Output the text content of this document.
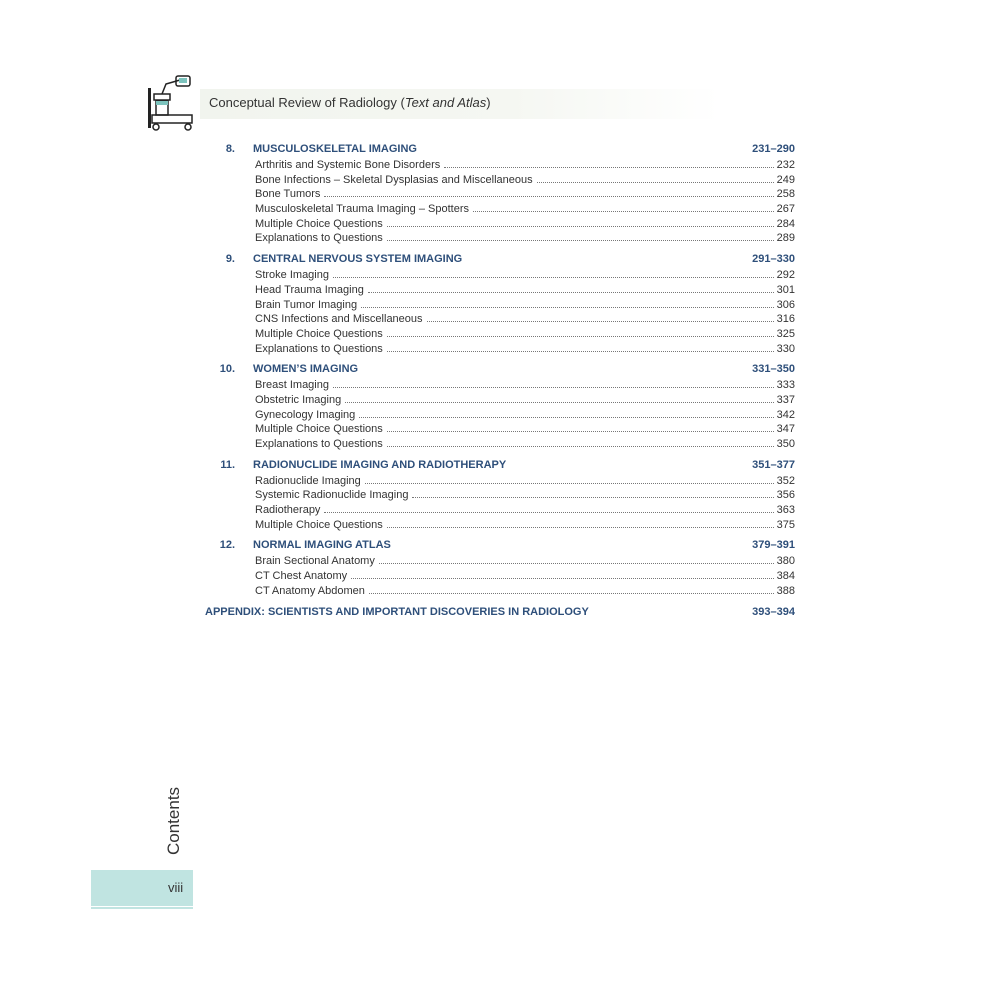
Conceptual Review of Radiology (Text and Atlas)
8. MUSCULOSKELETAL IMAGING	231–290
Arthritis and Systemic Bone Disorders	232
Bone Infections – Skeletal Dysplasias and Miscellaneous	249
Bone Tumors	258
Musculoskeletal Trauma Imaging – Spotters	267
Multiple Choice Questions	284
Explanations to Questions	289
9. CENTRAL NERVOUS SYSTEM IMAGING	291–330
Stroke Imaging	292
Head Trauma Imaging	301
Brain Tumor Imaging	306
CNS Infections and Miscellaneous	316
Multiple Choice Questions	325
Explanations to Questions	330
10. WOMEN’S IMAGING	331–350
Breast Imaging	333
Obstetric Imaging	337
Gynecology Imaging	342
Multiple Choice Questions	347
Explanations to Questions	350
11. RADIONUCLIDE IMAGING AND RADIOTHERAPY	351–377
Radionuclide Imaging	352
Systemic Radionuclide Imaging	356
Radiotherapy	363
Multiple Choice Questions	375
12. NORMAL IMAGING ATLAS	379–391
Brain Sectional Anatomy	380
CT Chest Anatomy	384
CT Anatomy Abdomen	388
APPENDIX: SCIENTISTS AND IMPORTANT DISCOVERIES IN RADIOLOGY	393–394
Contents
viii
